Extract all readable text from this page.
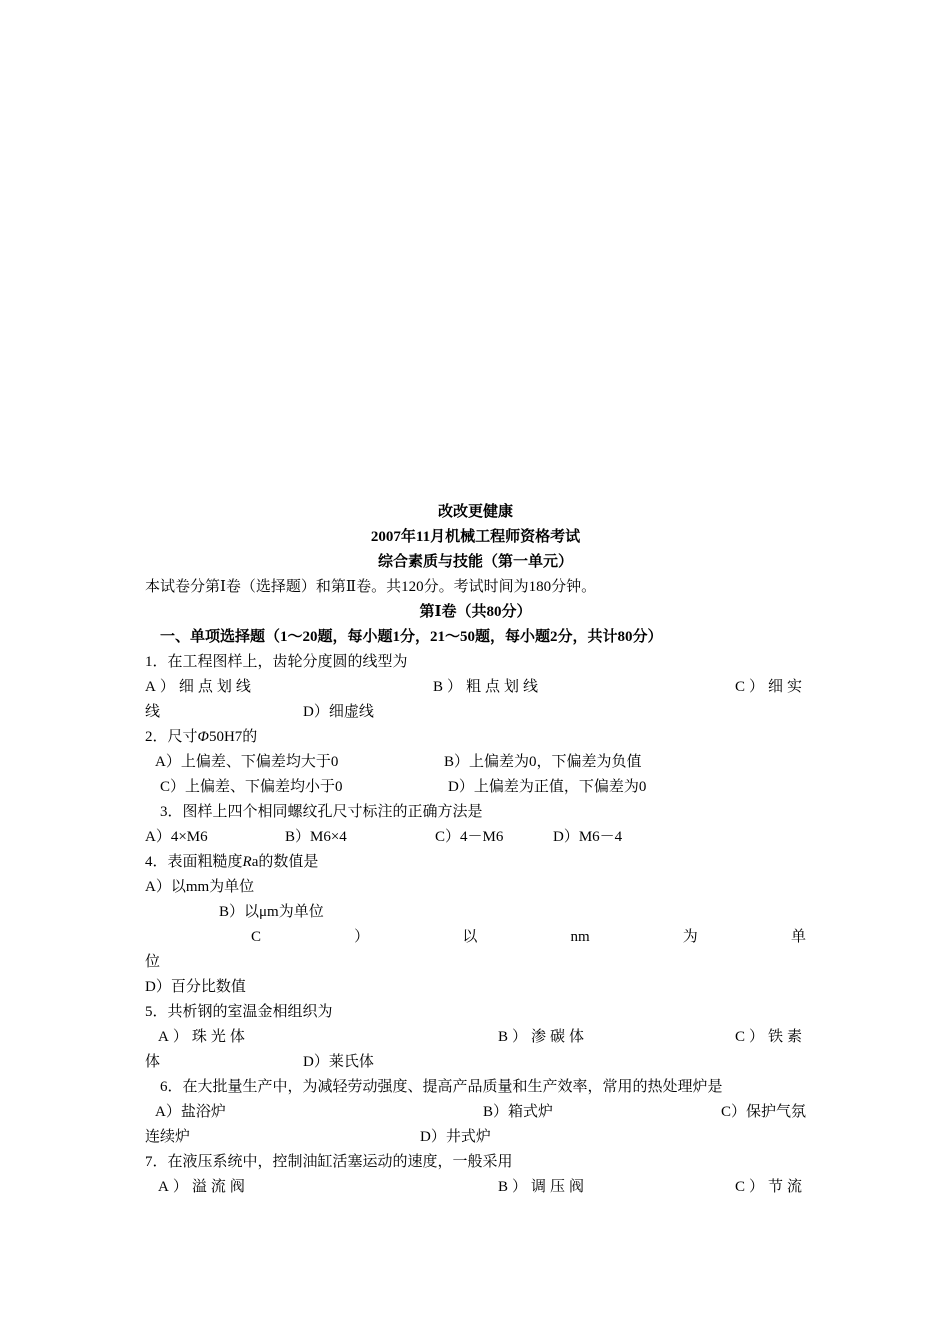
改改更健康
2007年11月机械工程师资格考试
综合素质与技能（第一单元）
本试卷分第Ⅰ卷（选择题）和第Ⅱ卷。共120分。考试时间为180分钟。
第Ⅰ卷（共80分）
一、单项选择题（1～20题，每小题1分，21～50题，每小题2分，共计80分）
1．在工程图样上，齿轮分度圆的线型为
A）细点划线	B）粗点划线	C）细实
线	D）细虚线
2．尺寸Φ50H7的
A）上偏差、下偏差均大于0	B）上偏差为0，下偏差为负值
C）上偏差、下偏差均小于0	D）上偏差为正值，下偏差为0
3．图样上四个相同螺纹孔尺寸标注的正确方法是
A）4×M6	B）M6×4	C）4－M6	D）M6－4
4．表面粗糙度Ra的数值是
A）以mm为单位
B）以μm为单位
C	）	以	nm	为	单
位
D）百分比数值
5．共析钢的室温金相组织为
A）珠光体	B）渗碳体	C）铁素
体	D）莱氏体
6．在大批量生产中，为减轻劳动强度、提高产品质量和生产效率，常用的热处理炉是
A）盐浴炉	B）箱式炉	C）保护气氛
连续炉	D）井式炉
7．在液压系统中，控制油缸活塞运动的速度，一般采用
A）溢流阀	B）调压阀	C）节流
